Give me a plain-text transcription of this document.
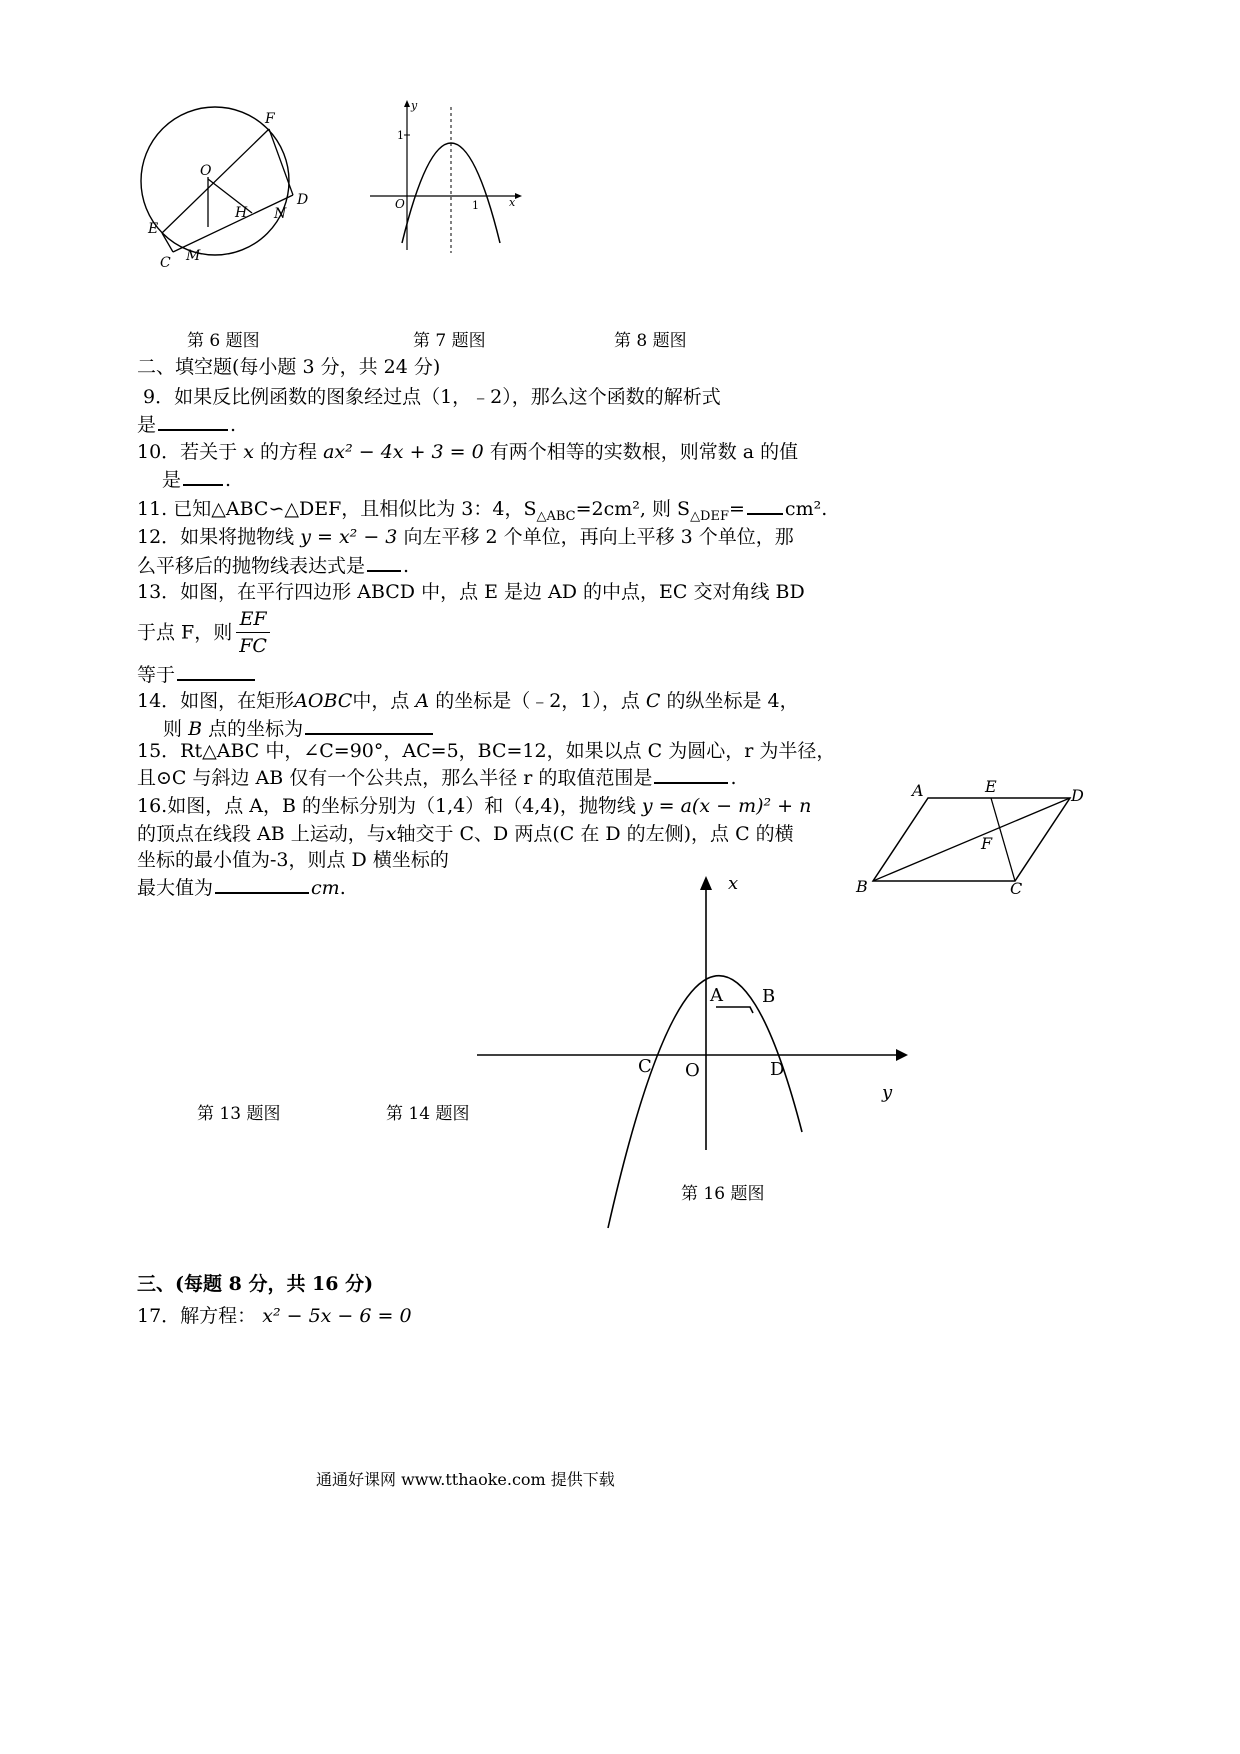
F
O
H N
D
E
C M
y
1
O	1	x
第 6 题图	第 7 题图	第 8 题图
二、填空题(每小题 3 分，共 24 分)
9．如果反比例函数的图象经过点（1，﹣2），那么这个函数的解析式
是	.
10．若关于 x 的方程 ax² − 4x + 3 = 0 有两个相等的实数根，则常数 a 的值
是 .
11. 已知△ABC∽△DEF，且相似比为 3：4，$S_{\triangle ABC}=2cm^2$, 则 $S_{\triangle DEF}= cm^2$.
12．如果将抛物线 y = x² − 3 向左平移 2 个单位，再向上平移 3 个单位，那
么平移后的抛物线表达式是 .
13．如图，在平行四边形 ABCD 中，点 E 是边 AD 的中点，EC 交对角线 BD
于点 F，则 $\frac{EF}{FC}$
等于
14．如图，在矩形AOBC中，点 A 的坐标是（﹣2，1），点 C 的纵坐标是 4，
则 B 点的坐标为
15．Rt△ABC 中，∠C=90°，AC=5，BC=12，如果以点 C 为圆心，r 为半径，
且⊙C 与斜边 AB 仅有一个公共点，那么半径 r 的取值范围是	.
16.如图，点 A，B 的坐标分别为（1,4）和（4,4)，抛物线 y = a(x − m)² + n
的顶点在线段 AB 上运动，与x轴交于 C、D 两点(C 在 D 的左侧)，点 C 的横
坐标的最小值为-3，则点 D 横坐标的
最大值为	cm.
A	E	D
F
B	C
x
A B
C O	D
y
第 13 题图	第 14 题图
第 16 题图
三、(每题 8 分，共 16 分)
17．解方程： x² − 5x − 6 = 0
通通好课网 www.tthaoke.com 提供下载
